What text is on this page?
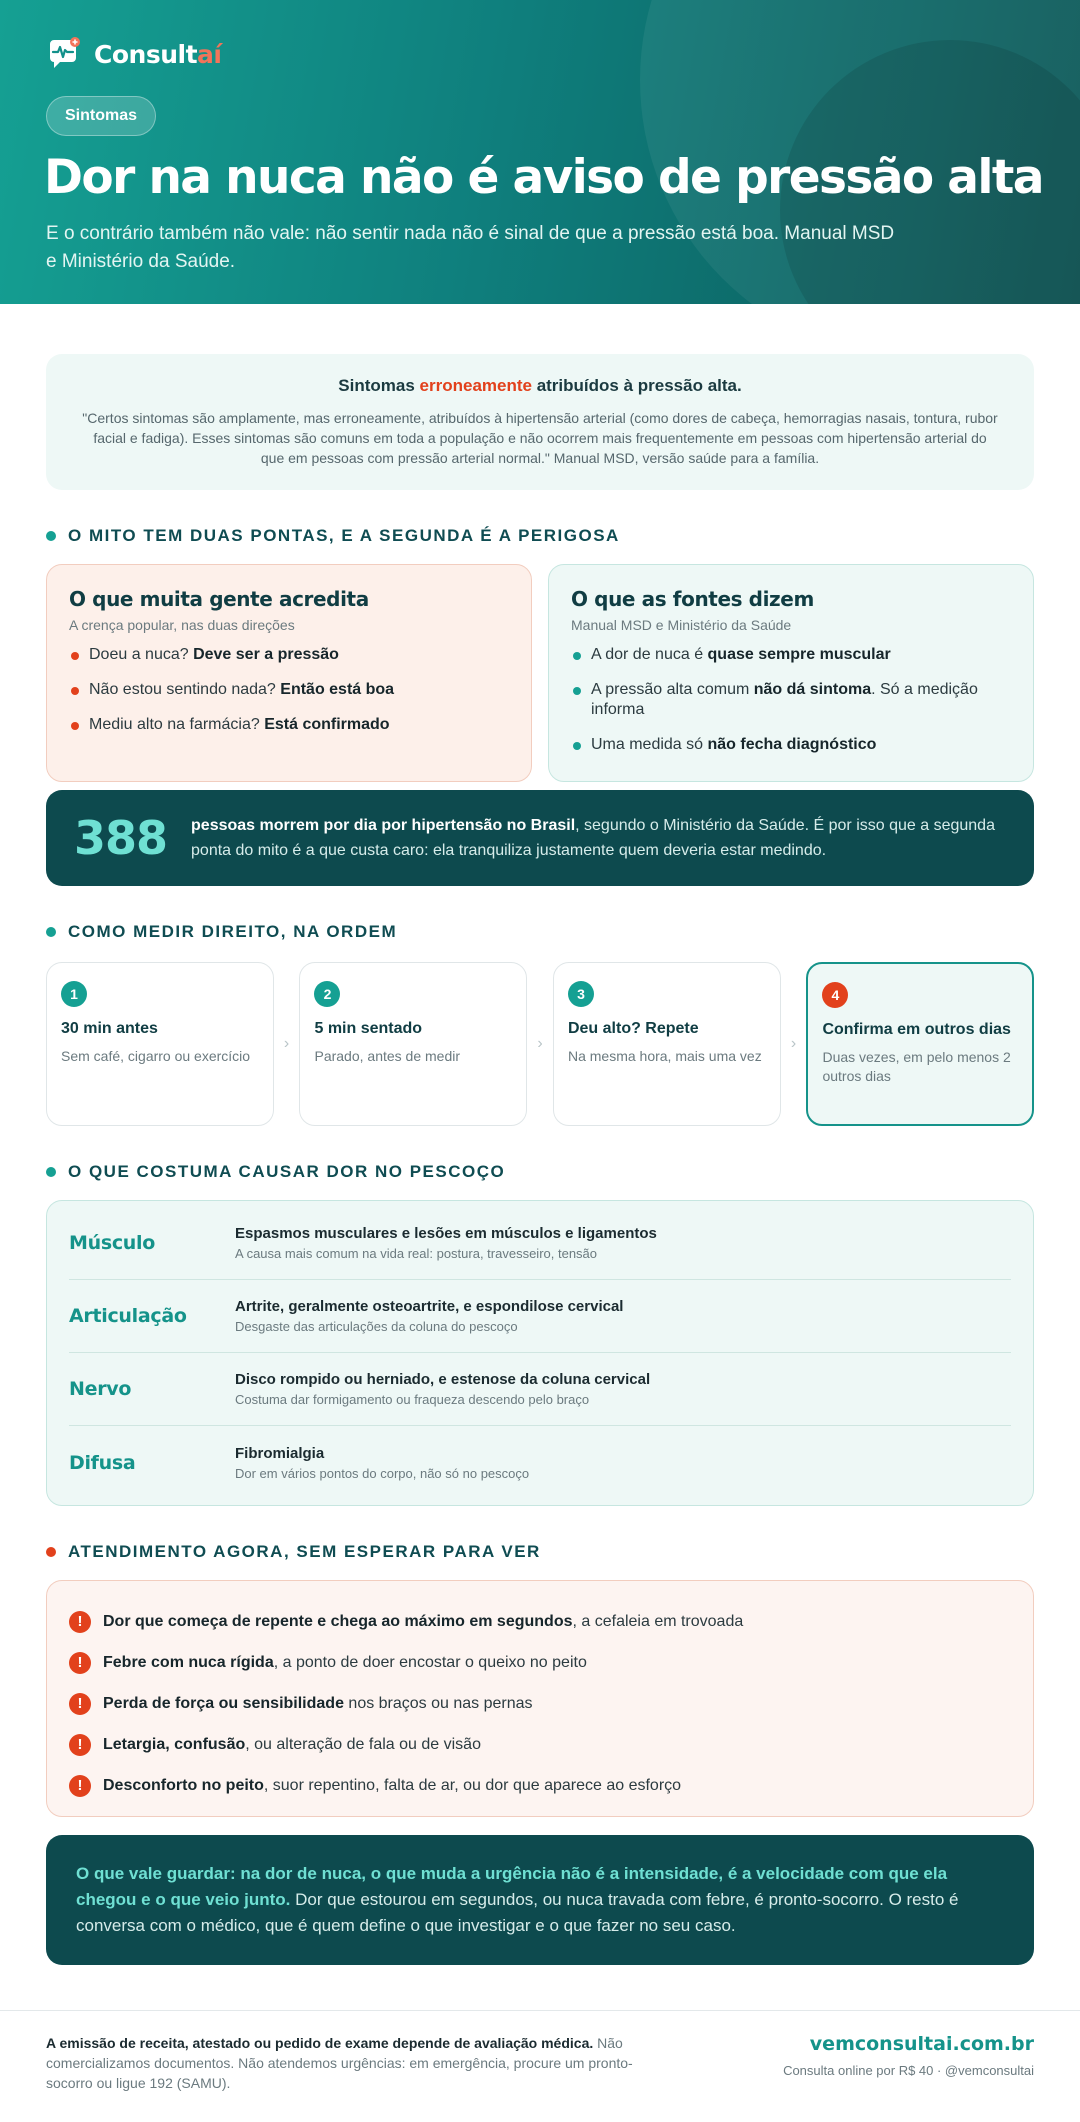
Consultaí
Sintomas
Dor na nuca não é aviso de pressão alta

E o contrário também não vale: não sentir nada não é sinal de que a pressão está boa. Manual MSD e Ministério da Saúde.

Sintomas erroneamente atribuídos à pressão alta.

"Certos sintomas são amplamente, mas erroneamente, atribuídos à hipertensão arterial (como dores de cabeça, hemorragias nasais, tontura, rubor facial e fadiga). Esses sintomas são comuns em toda a população e não ocorrem mais frequentemente em pessoas com hipertensão arterial do que em pessoas com pressão arterial normal." Manual MSD, versão saúde para a família.

O MITO TEM DUAS PONTAS, E A SEGUNDA É A PERIGOSA
O que muita gente acredita
A crença popular, nas duas direções
Doeu a nuca? Deve ser a pressão
Não estou sentindo nada? Então está boa
Mediu alto na farmácia? Está confirmado
O que as fontes dizem
Manual MSD e Ministério da Saúde
A dor de nuca é quase sempre muscular
A pressão alta comum não dá sintoma. Só a medição informa
Uma medida só não fecha diagnóstico
388 pessoas morrem por dia por hipertensão no Brasil, segundo o Ministério da Saúde. É por isso que a segunda ponta do mito é a que custa caro: ela tranquiliza justamente quem deveria estar medindo.

COMO MEDIR DIREITO, NA ORDEM
1
30 min antes
Sem café, cigarro ou exercício
›
2
5 min sentado
Parado, antes de medir
›
3
Deu alto? Repete
Na mesma hora, mais uma vez
›
4
Confirma em outros dias
Duas vezes, em pelo menos 2 outros dias
O QUE COSTUMA CAUSAR DOR NO PESCOÇO
Músculo	Espasmos musculares e lesões em músculos e ligamentos
A causa mais comum na vida real: postura, travesseiro, tensão
Articulação	Artrite, geralmente osteoartrite, e espondilose cervical
Desgaste das articulações da coluna do pescoço
Nervo	Disco rompido ou herniado, e estenose da coluna cervical
Costuma dar formigamento ou fraqueza descendo pelo braço
Difusa	Fibromialgia
Dor em vários pontos do corpo, não só no pescoço
ATENDIMENTO AGORA, SEM ESPERAR PARA VER
!	Dor que começa de repente e chega ao máximo em segundos, a cefaleia em trovoada
!	Febre com nuca rígida, a ponto de doer encostar o queixo no peito
!	Perda de força ou sensibilidade nos braços ou nas pernas
!	Letargia, confusão, ou alteração de fala ou de visão
!	Desconforto no peito, suor repentino, falta de ar, ou dor que aparece ao esforço
O que vale guardar: na dor de nuca, o que muda a urgência não é a intensidade, é a velocidade com que ela chegou e o que veio junto. Dor que estourou em segundos, ou nuca travada com febre, é pronto-socorro. O resto é conversa com o médico, que é quem define o que investigar e o que fazer no seu caso.

A emissão de receita, atestado ou pedido de exame depende de avaliação médica. Não comercializamos documentos. Não atendemos urgências: em emergência, procure um pronto-socorro ou ligue 192 (SAMU).

vemconsultai.com.br
Consulta online por R$ 40 · @vemconsultai
